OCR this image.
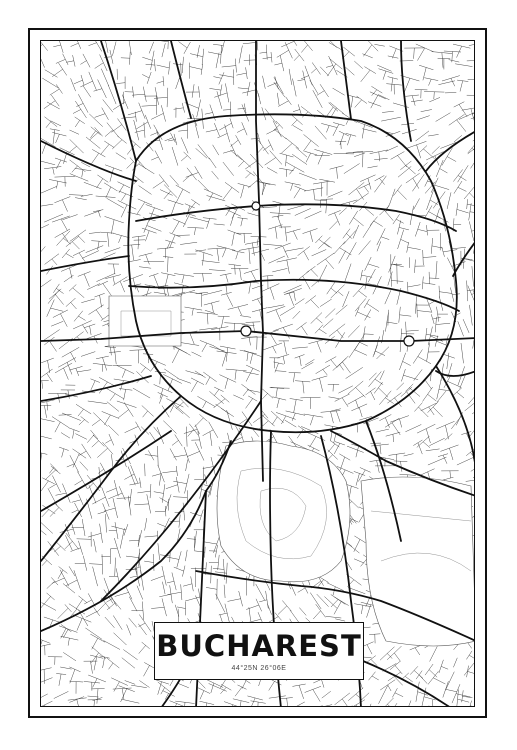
BUCHAREST
44°25N 26°06E
